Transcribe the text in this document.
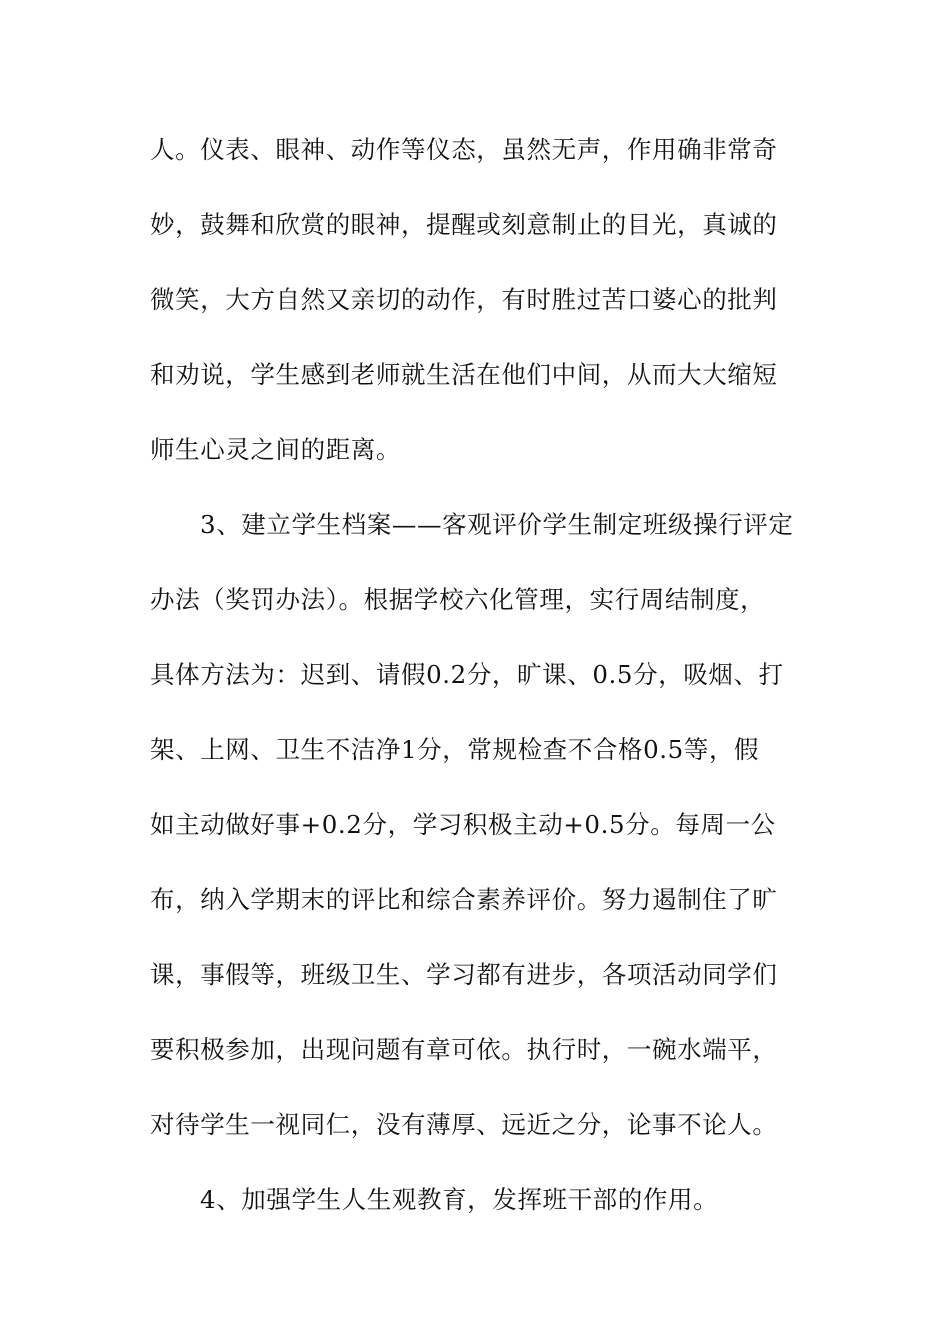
人。仪表、眼神、动作等仪态，虽然无声，作用确非常奇

妙，鼓舞和欣赏的眼神，提醒或刻意制止的目光，真诚的

微笑，大方自然又亲切的动作，有时胜过苦口婆心的批判

和劝说，学生感到老师就生活在他们中间，从而大大缩短

师生心灵之间的距离。

3、建立学生档案——客观评价学生制定班级操行评定

办法（奖罚办法）。根据学校六化管理，实行周结制度，

具体方法为：迟到、请假0.2分，旷课、0.5分，吸烟、打

架、上网、卫生不洁净1分，常规检查不合格0.5等，假

如主动做好事+0.2分，学习积极主动+0.5分。每周一公

布，纳入学期末的评比和综合素养评价。努力遏制住了旷

课，事假等，班级卫生、学习都有进步，各项活动同学们

要积极参加，出现问题有章可依。执行时，一碗水端平，

对待学生一视同仁，没有薄厚、远近之分，论事不论人。

4、加强学生人生观教育，发挥班干部的作用。
